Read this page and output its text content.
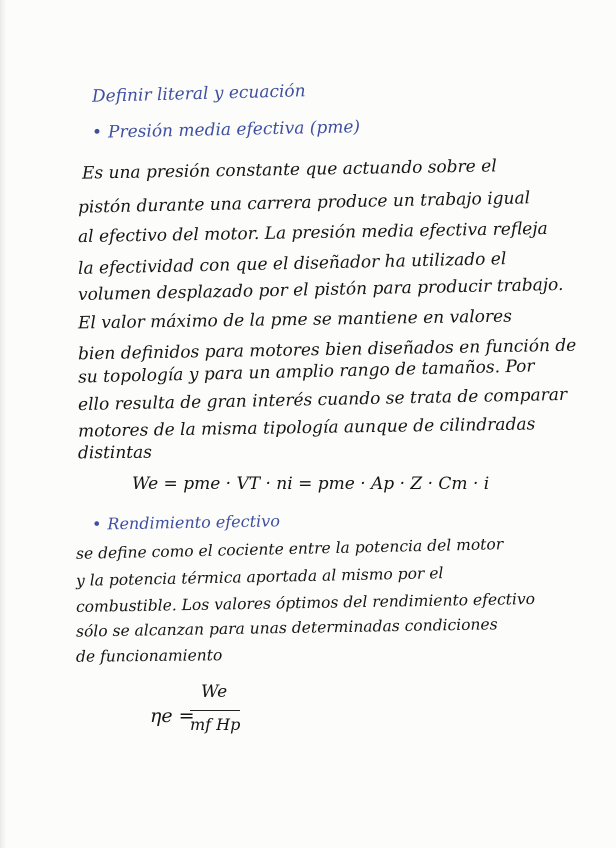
Definir literal y ecuación
• Presión media efectiva (pme)
Es una presión constante que actuando sobre el
pistón durante una carrera produce un trabajo igual
al efectivo del motor. La presión media efectiva refleja
la efectividad con que el diseñador ha utilizado el
volumen desplazado por el pistón para producir trabajo.
El valor máximo de la pme se mantiene en valores
bien definidos para motores bien diseñados en función de
su topología y para un amplio rango de tamaños. Por
ello resulta de gran interés cuando se trata de comparar
motores de la misma tipología aunque de cilindradas
distintas
We = pme · VT · ni = pme · Ap · Z · Cm · i
• Rendimiento efectivo
se define como el cociente entre la potencia del motor
y la potencia térmica aportada al mismo por el
combustible. Los valores óptimos del rendimiento efectivo
sólo se alcanzan para unas determinadas condiciones
de funcionamiento
ηe =
We
mf Hp
